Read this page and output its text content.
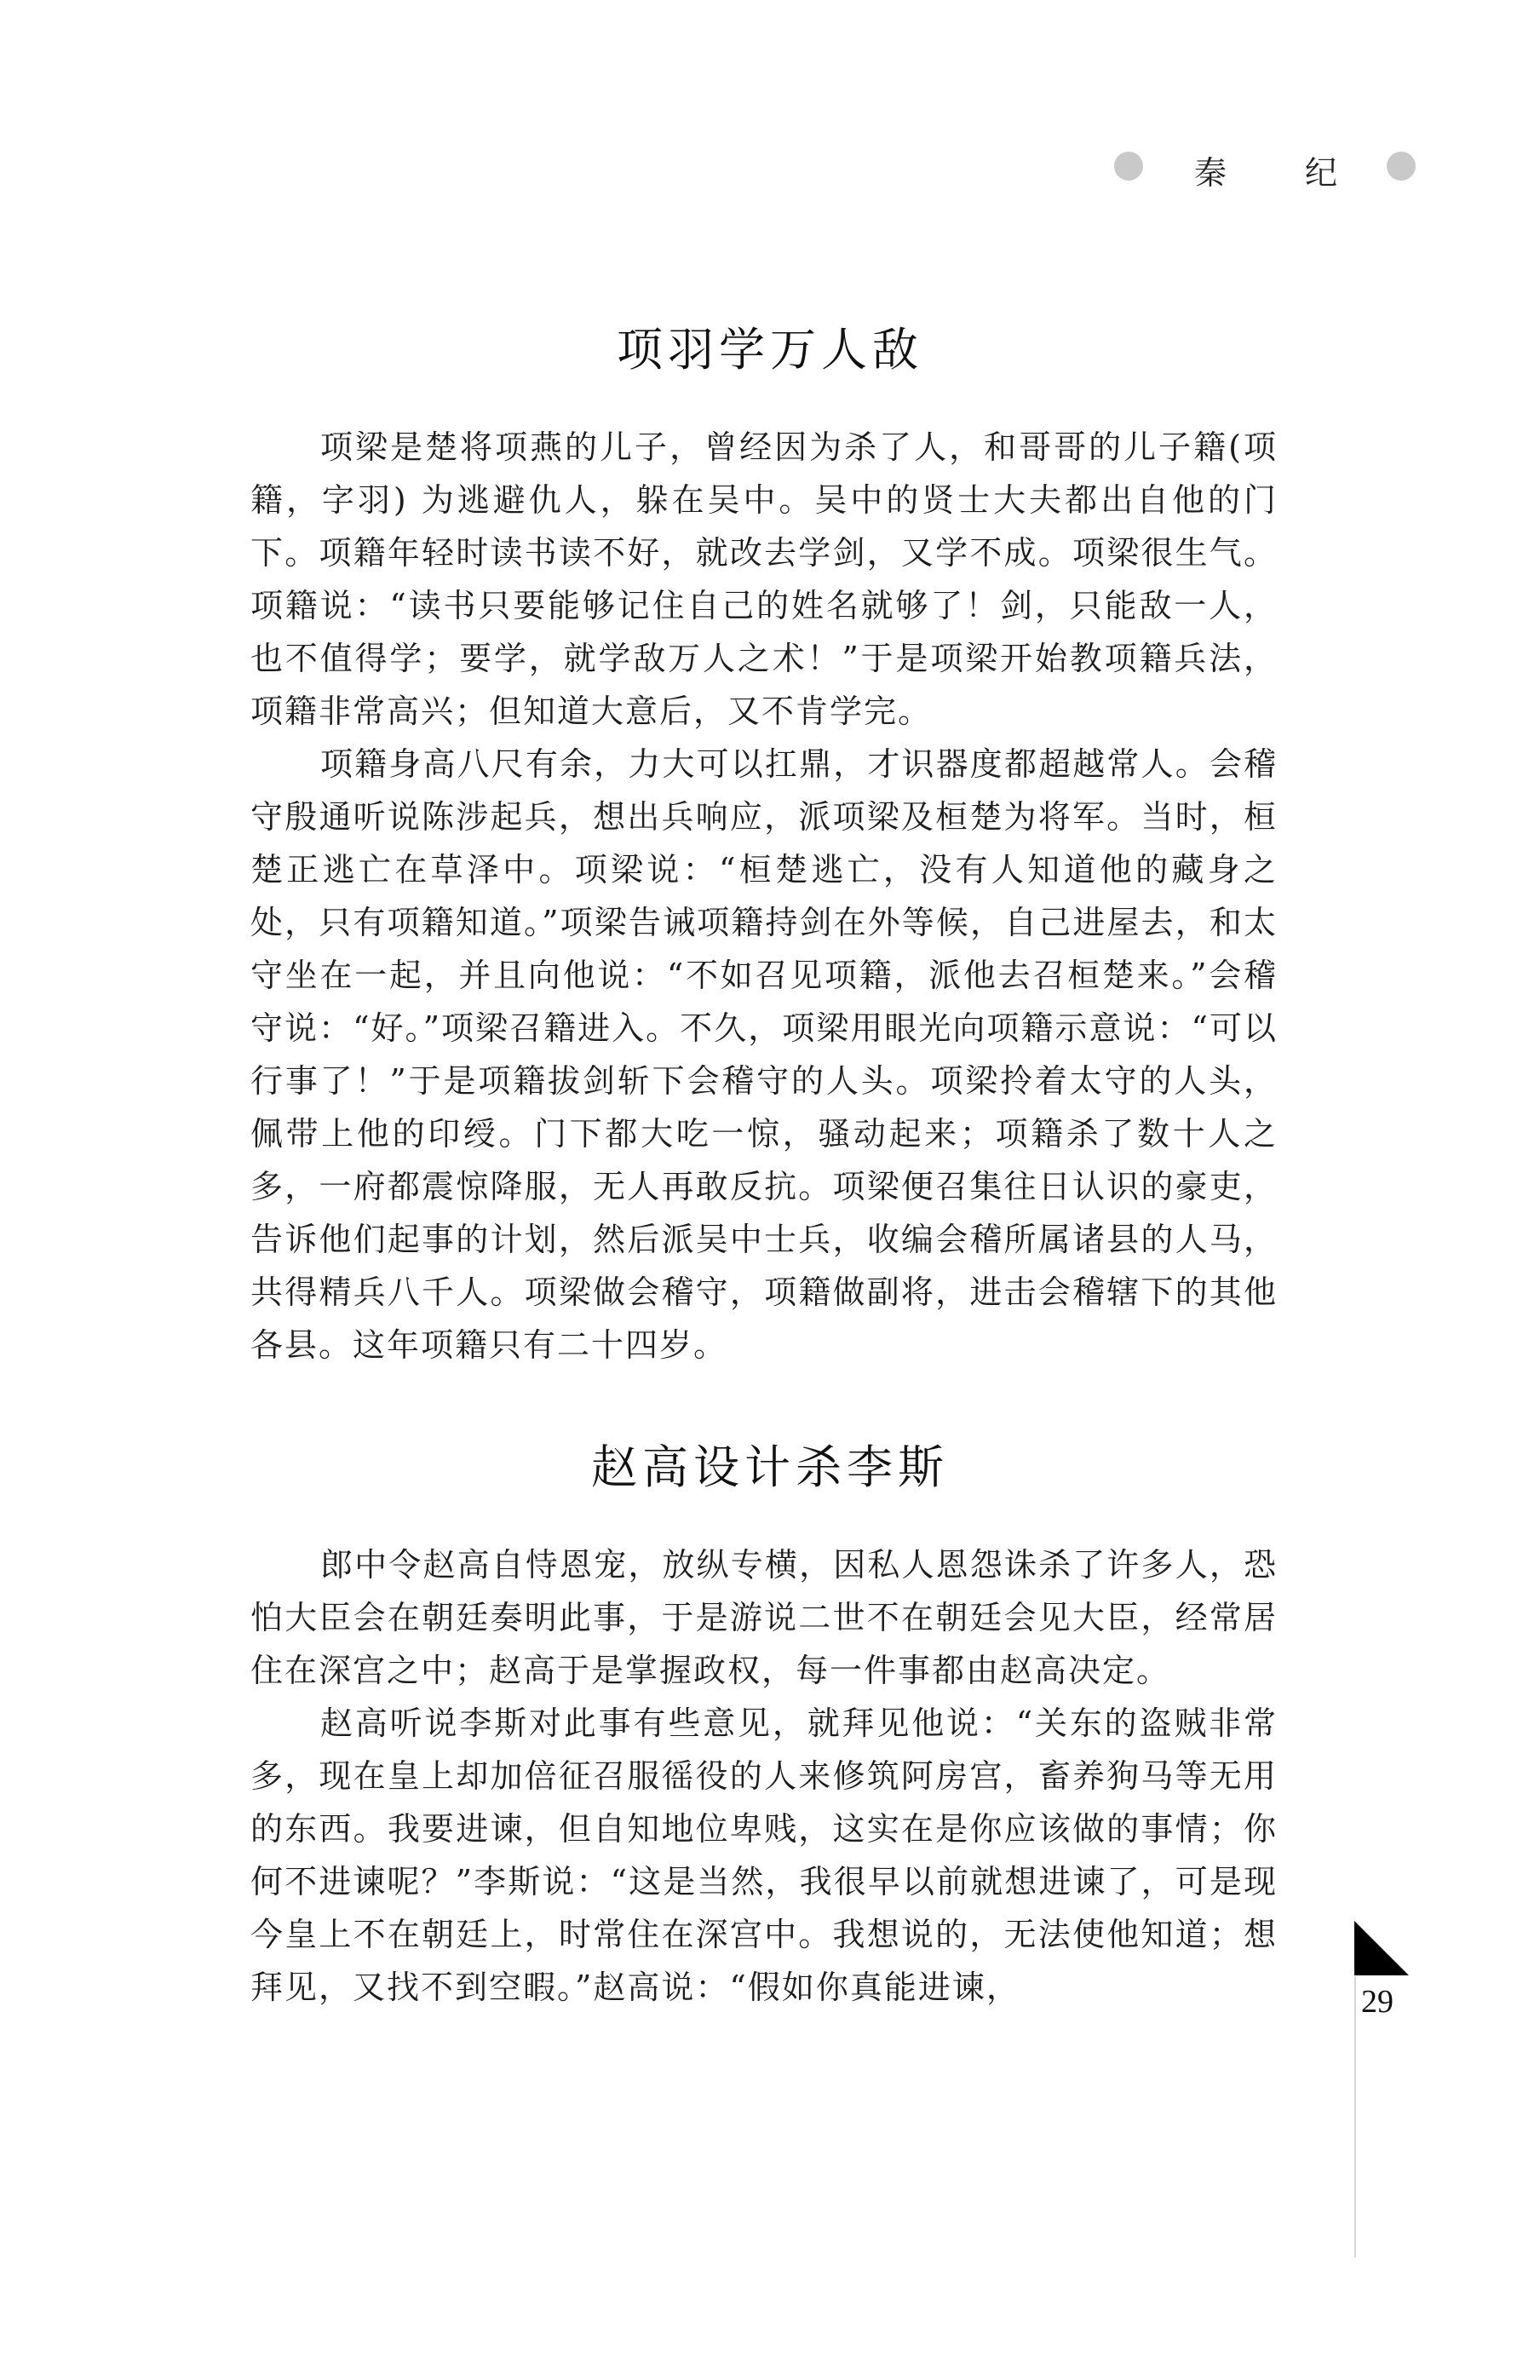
秦 纪
项羽学万人敌

项梁是楚将项燕的儿子，曾经因为杀了人，和哥哥的儿子籍(项籍，字羽) 为逃避仇人，躲在吴中。吴中的贤士大夫都出自他的门下。项籍年轻时读书读不好，就改去学剑，又学不成。项梁很生气。项籍说：“读书只要能够记住自己的姓名就够了！剑，只能敌一人，也不值得学；要学，就学敌万人之术！”于是项梁开始教项籍兵法，项籍非常高兴；但知道大意后，又不肯学完。

项籍身高八尺有余，力大可以扛鼎，才识器度都超越常人。会稽守殷通听说陈涉起兵，想出兵响应，派项梁及桓楚为将军。当时，桓楚正逃亡在草泽中。项梁说：“桓楚逃亡，没有人知道他的藏身之处，只有项籍知道。”项梁告诫项籍持剑在外等候，自己进屋去，和太守坐在一起，并且向他说：“不如召见项籍，派他去召桓楚来。”会稽守说：“好。”项梁召籍进入。不久，项梁用眼光向项籍示意说：“可以行事了！”于是项籍拔剑斩下会稽守的人头。项梁拎着太守的人头，佩带上他的印绶。门下都大吃一惊，骚动起来；项籍杀了数十人之多，一府都震惊降服，无人再敢反抗。项梁便召集往日认识的豪吏，告诉他们起事的计划，然后派吴中士兵，收编会稽所属诸县的人马，共得精兵八千人。项梁做会稽守，项籍做副将，进击会稽辖下的其他各县。这年项籍只有二十四岁。

赵高设计杀李斯

郎中令赵高自恃恩宠，放纵专横，因私人恩怨诛杀了许多人，恐怕大臣会在朝廷奏明此事，于是游说二世不在朝廷会见大臣，经常居住在深宫之中；赵高于是掌握政权，每一件事都由赵高决定。

赵高听说李斯对此事有些意见，就拜见他说：“关东的盗贼非常多，现在皇上却加倍征召服徭役的人来修筑阿房宫，畜养狗马等无用的东西。我要进谏，但自知地位卑贱，这实在是你应该做的事情；你何不进谏呢？”李斯说：“这是当然，我很早以前就想进谏了，可是现今皇上不在朝廷上，时常住在深宫中。我想说的，无法使他知道；想拜见，又找不到空暇。”赵高说：“假如你真能进谏，	29
